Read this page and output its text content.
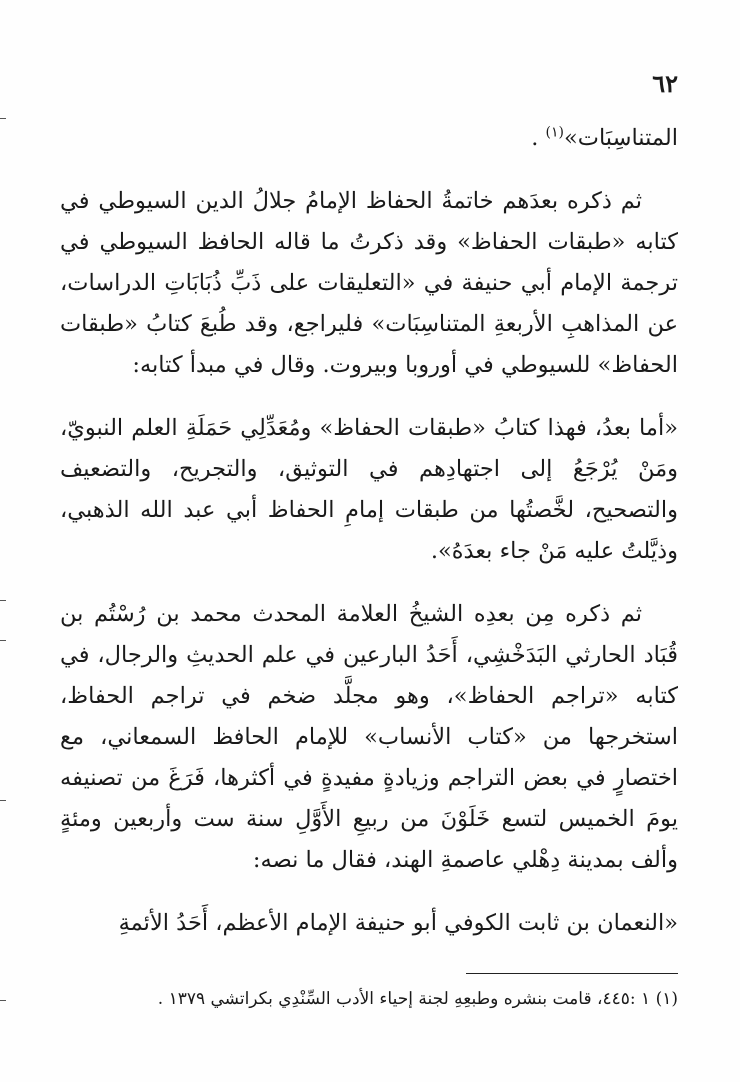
٦٢

المتناسِبَات»$^{(١)}$ .

ثم ذكره بعدَهم خاتمةُ الحفاظ الإمامُ جلالُ الدين السيوطي في كتابه «طبقات الحفاظ» وقد ذكرتُ ما قاله الحافظ السيوطي في ترجمة الإمام أبي حنيفة في «التعليقات على ذَبِّ ذُبَابَاتِ الدراسات، عن المذاهبِ الأربعةِ المتناسِبَات» فليراجع، وقد طُبعَ كتابُ «طبقات الحفاظ» للسيوطي في أوروبا وبيروت. وقال في مبدأ كتابه:

«أما بعدُ، فهذا كتابُ «طبقات الحفاظ» ومُعَدِّلِي حَمَلَةِ العلم النبويّ، ومَنْ يُرْجَعُ إلى اجتهادِهم في التوثيق، والتجريح، والتضعيف والتصحيح، لخَّصتُها من طبقات إمامِ الحفاظ أبي عبد الله الذهبي، وذيَّلتُ عليه مَنْ جاء بعدَهُ».

ثم ذكره مِن بعدِه الشيخُ العلامة المحدث محمد بن رُسْتُم بن قُبَاد الحارثي البَدَخْشِي، أَحَدُ البارعين في علم الحديثِ والرجال، في كتابه «تراجم الحفاظ»، وهو مجلَّد ضخم في تراجم الحفاظ، استخرجها من «كتاب الأنساب» للإمام الحافظ السمعاني، مع اختصارٍ في بعض التراجم وزيادةٍ مفيدةٍ في أكثرها، فَرَغَ من تصنيفه يومَ الخميس لتسع خَلَوْنَ من ربيعِ الأَوَّلِ سنة ست وأربعين ومئةٍ وألف بمدينة دِهْلي عاصمةِ الهند، فقال ما نصه:

«النعمان بن ثابت الكوفي أبو حنيفة الإمام الأعظم، أَحَدُ الأئمةِ

(١) ١ :٤٤٥، قامت بنشره وطبعِهِ لجنة إحياء الأدب السِّنْدِي بكراتشي ١٣٧٩ .
